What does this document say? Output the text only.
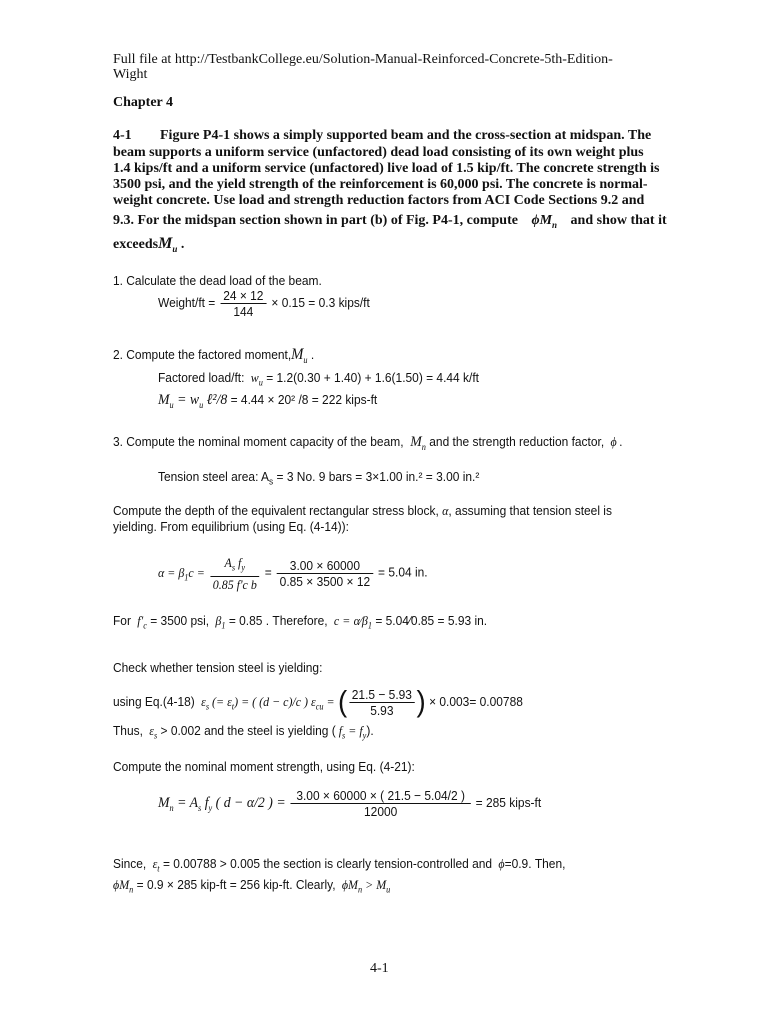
Full file at http://TestbankCollege.eu/Solution-Manual-Reinforced-Concrete-5th-Edition-
Wight
Chapter 4
4-1 Figure P4-1 shows a simply supported beam and the cross-section at midspan. The
beam supports a uniform service (unfactored) dead load consisting of its own weight plus
1.4 kips/ft and a uniform service (unfactored) live load of 1.5 kip/ft. The concrete strength is
3500 psi, and the yield strength of the reinforcement is 60,000 psi. The concrete is normal-
weight concrete. Use load and strength reduction factors from ACI Code Sections 9.2 and
9.3. For the midspan section shown in part (b) of Fig. P4-1, compute $\phi M_n$ and show that it
exceedsM$_u$ .
1. Calculate the dead load of the beam.
Weight/ft = $\frac{24 \times 12}{144} \times 0.15 = 0.3$ kips/ft
2. Compute the factored $moment,M_u$ .
Factored load/ft:  $w_u = 1.2(0.30 + 1.40) + 1.6(1.50) = 4.44$ k/ft
$M_u = w_u$ ℓ²/8 = 4.44 × 20² /8 = 222 kips-ft
3. Compute the nominal moment capacity of the beam,  $M_n$ and the strength reduction factor,  ϕ .
Tension steel area: $A_s = 3$ No. 9 bars = 3×1.00 in.² = 3.00 in.²
Compute the depth of the equivalent rectangular stress block, α, assuming that tension steel is
yielding. From equilibrium (using Eq. (4-14)):
$\alpha = \beta_1c = \frac{A_s f_y}{\text{0.85 f'c b}} = \frac{3.00 \times 60000}{0.85 \times 3500 \times 12} = 5.04$ in.
For  $f'_c = 3500$ psi,  $\beta_1 = 0.85$ . Therefore,  $c = \alpha⁄\beta_1$ = 5.04⁄0.85 = 5.93 in.
Check whether tension steel is yielding:
using Eq.(4-18)  $\varepsilon_s$ (= $\varepsilon_t$) = ( (d − c)/c ) $\varepsilon_{cu}$ = ( $\frac{21.5 - 5.93}{5.93}$ ) × 0.003= 0.00788
Thus,  $\varepsilon_s > 0.002$ and the steel is yielding ( $f_s = f_y$).
Compute the nominal moment strength, using Eq. (4-21):
$M_n = A_s$ $f_y$ ( d − α/2 ) = $\frac{3.00 \times 60000 \times ( 21.5 - 5.04/2 )}{12000} = 285$ kips-ft
Since,  $\varepsilon_t = 0.00788 > 0.005$ the section is clearly tension-controlled and  ϕ=0.9. Then,
$\phi M_n = 0.9 \times 285$ kip-ft = 256 kip-ft. Clearly,  $\phi M_n > M_u$
4-1
